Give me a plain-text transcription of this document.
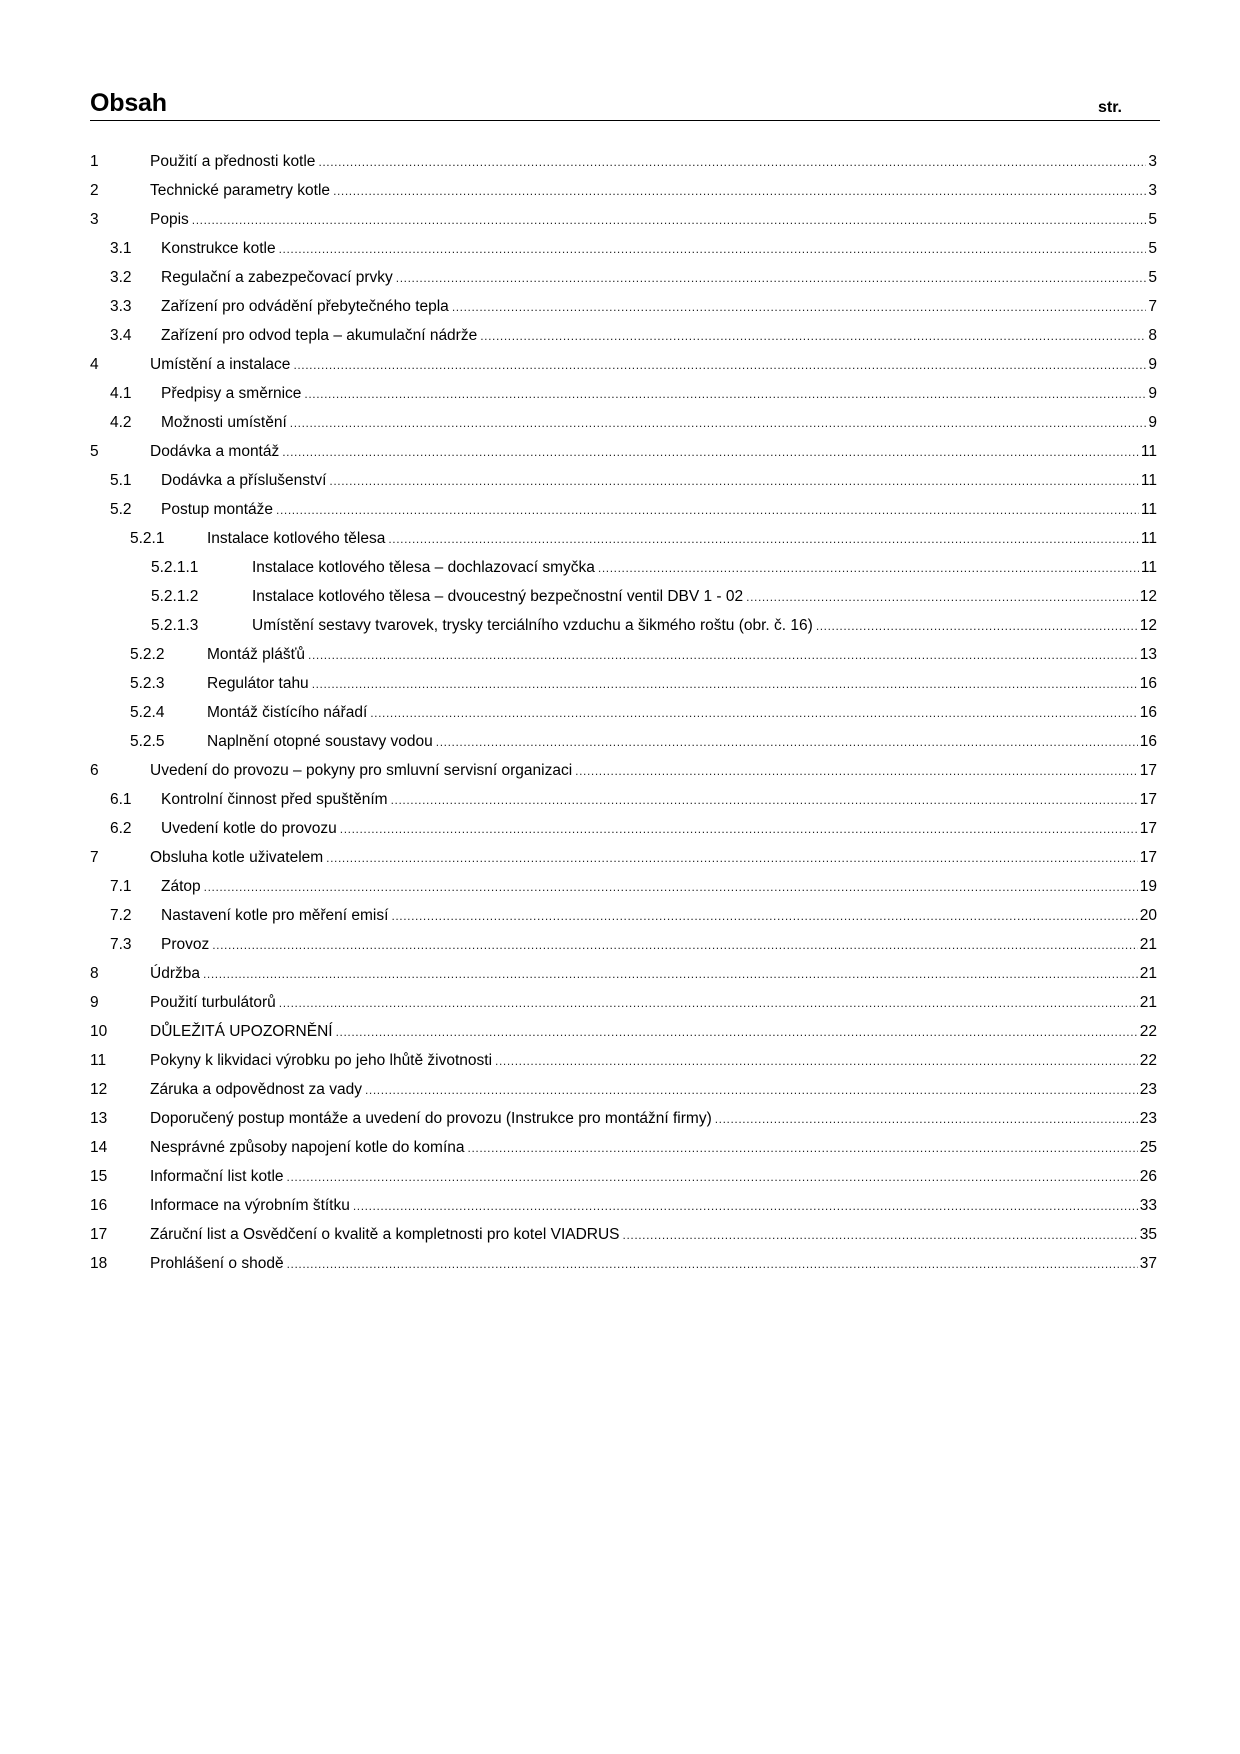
Obsah	str.
1	Použití a přednosti kotle .....	3
2	Technické parametry kotle .....	3
3	Popis .....	5
3.1	Konstrukce kotle .....	5
3.2	Regulační a zabezpečovací prvky .....	5
3.3	Zařízení pro odvádění přebytečného tepla .....	7
3.4	Zařízení pro odvod tepla – akumulační nádrže .....	8
4	Umístění a instalace .....	9
4.1	Předpisy a směrnice .....	9
4.2	Možnosti umístění .....	9
5	Dodávka a montáž .....	11
5.1	Dodávka a příslušenství .....	11
5.2	Postup montáže .....	11
5.2.1	Instalace kotlového tělesa .....	11
5.2.1.1	Instalace kotlového tělesa – dochlazovací smyčka .....	11
5.2.1.2	Instalace kotlového tělesa – dvoucestný bezpečnostní ventil DBV 1 - 02 .....	12
5.2.1.3	Umístění sestavy tvarovek, trysky terciálního vzduchu a šikmého roštu (obr. č. 16) .....	12
5.2.2	Montáž plášťů .....	13
5.2.3	Regulátor tahu .....	16
5.2.4	Montáž čistícího nářadí .....	16
5.2.5	Naplnění otopné soustavy vodou .....	16
6	Uvedení do provozu – pokyny pro smluvní servisní organizaci .....	17
6.1	Kontrolní činnost před spuštěním .....	17
6.2	Uvedení kotle do provozu .....	17
7	Obsluha kotle uživatelem .....	17
7.1	Zátop .....	19
7.2	Nastavení kotle pro měření emisí .....	20
7.3	Provoz .....	21
8	Údržba .....	21
9	Použití turbulátorů .....	21
10	DŮLEŽITÁ UPOZORNĚNÍ .....	22
11	Pokyny k likvidaci výrobku po jeho lhůtě životnosti .....	22
12	Záruka a odpovědnost za vady .....	23
13	Doporučený postup montáže a uvedení do provozu (Instrukce pro montážní firmy) .....	23
14	Nesprávné způsoby napojení kotle do komína .....	25
15	Informační list kotle .....	26
16	Informace na výrobním štítku .....	33
17	Záruční list a Osvědčení o kvalitě a kompletnosti pro kotel VIADRUS .....	35
18	Prohlášení o shodě .....	37
